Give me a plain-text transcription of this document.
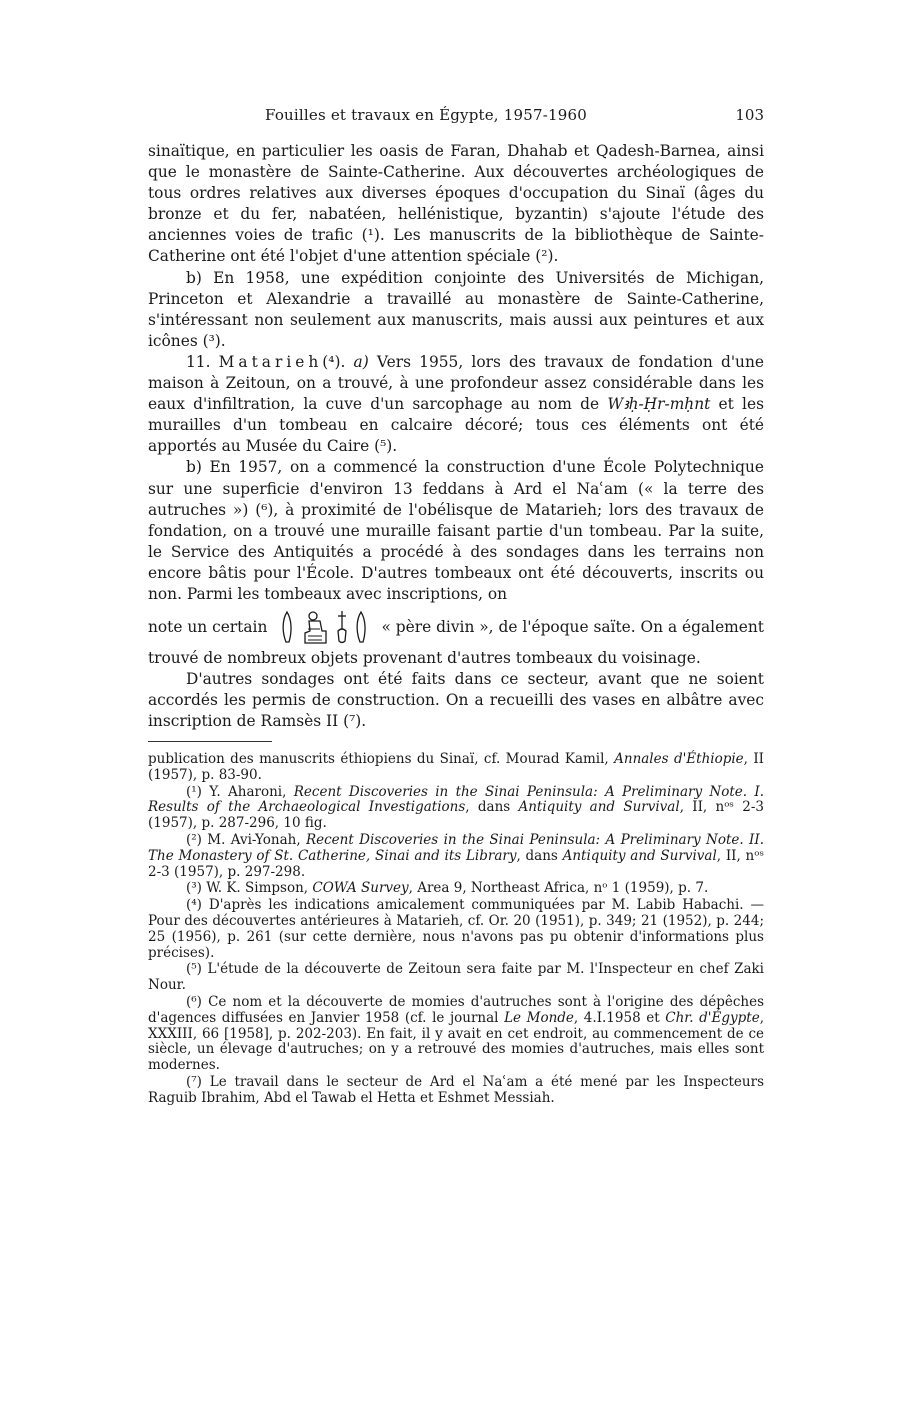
Fouilles et travaux en Égypte, 1957-1960	103

sinaïtique, en particulier les oasis de Faran, Dhahab et Qadesh-Barnea, ainsi que le monastère de Sainte-Catherine. Aux découvertes archéologiques de tous ordres relatives aux diverses époques d'occupation du Sinaï (âges du bronze et du fer, nabatéen, hellénistique, byzantin) s'ajoute l'étude des anciennes voies de trafic (¹). Les manuscrits de la bibliothèque de Sainte-Catherine ont été l'objet d'une attention spéciale (²).

b) En 1958, une expédition conjointe des Universités de Michigan, Princeton et Alexandrie a travaillé au monastère de Sainte-Catherine, s'intéressant non seulement aux manuscrits, mais aussi aux peintures et aux icônes (³).

11. Matarieh(⁴). a) Vers 1955, lors des travaux de fondation d'une maison à Zeitoun, on a trouvé, à une profondeur assez considérable dans les eaux d'infiltration, la cuve d'un sarcophage au nom de Wꜣḥ-Ḥr-mḥnt et les murailles d'un tombeau en calcaire décoré; tous ces éléments ont été apportés au Musée du Caire (⁵).

b) En 1957, on a commencé la construction d'une École Polytechnique sur une superficie d'environ 13 feddans à Ard el Naʿam (« la terre des autruches ») (⁶), à proximité de l'obélisque de Matarieh; lors des travaux de fondation, on a trouvé une muraille faisant partie d'un tombeau. Par la suite, le Service des Antiquités a procédé à des sondages dans les terrains non encore bâtis pour l'École. D'autres tombeaux ont été découverts, inscrits ou non. Parmi les tombeaux avec inscriptions, on

note un certain	« père divin », de l'époque saïte. On a également

trouvé de nombreux objets provenant d'autres tombeaux du voisinage.

D'autres sondages ont été faits dans ce secteur, avant que ne soient accordés les permis de construction. On a recueilli des vases en albâtre avec inscription de Ramsès II (⁷).

publication des manuscrits éthiopiens du Sinaï, cf. Mourad Kamil, Annales d'Éthiopie, II (1957), p. 83-90.

(¹) Y. Aharoni, Recent Discoveries in the Sinai Peninsula: A Preliminary Note. I. Results of the Archaeological Investigations, dans Antiquity and Survival, II, nᵒˢ 2-3 (1957), p. 287-296, 10 fig.

(²) M. Avi-Yonah, Recent Discoveries in the Sinai Peninsula: A Preliminary Note. II. The Monastery of St. Catherine, Sinai and its Library, dans Antiquity and Survival, II, nᵒˢ 2-3 (1957), p. 297-298.

(³) W. K. Simpson, COWA Survey, Area 9, Northeast Africa, nᵒ 1 (1959), p. 7.

(⁴) D'après les indications amicalement communiquées par M. Labib Habachi. — Pour des découvertes antérieures à Matarieh, cf. Or. 20 (1951), p. 349; 21 (1952), p. 244; 25 (1956), p. 261 (sur cette dernière, nous n'avons pas pu obtenir d'informations plus précises).

(⁵) L'étude de la découverte de Zeitoun sera faite par M. l'Inspecteur en chef Zaki Nour.

(⁶) Ce nom et la découverte de momies d'autruches sont à l'origine des dépêches d'agences diffusées en Janvier 1958 (cf. le journal Le Monde, 4.I.1958 et Chr. d'Égypte, XXXIII, 66 [1958], p. 202-203). En fait, il y avait en cet endroit, au commencement de ce siècle, un élevage d'autruches; on y a retrouvé des momies d'autruches, mais elles sont modernes.

(⁷) Le travail dans le secteur de Ard el Naʿam a été mené par les Inspecteurs Raguib Ibrahim, Abd el Tawab el Hetta et Eshmet Messiah.
